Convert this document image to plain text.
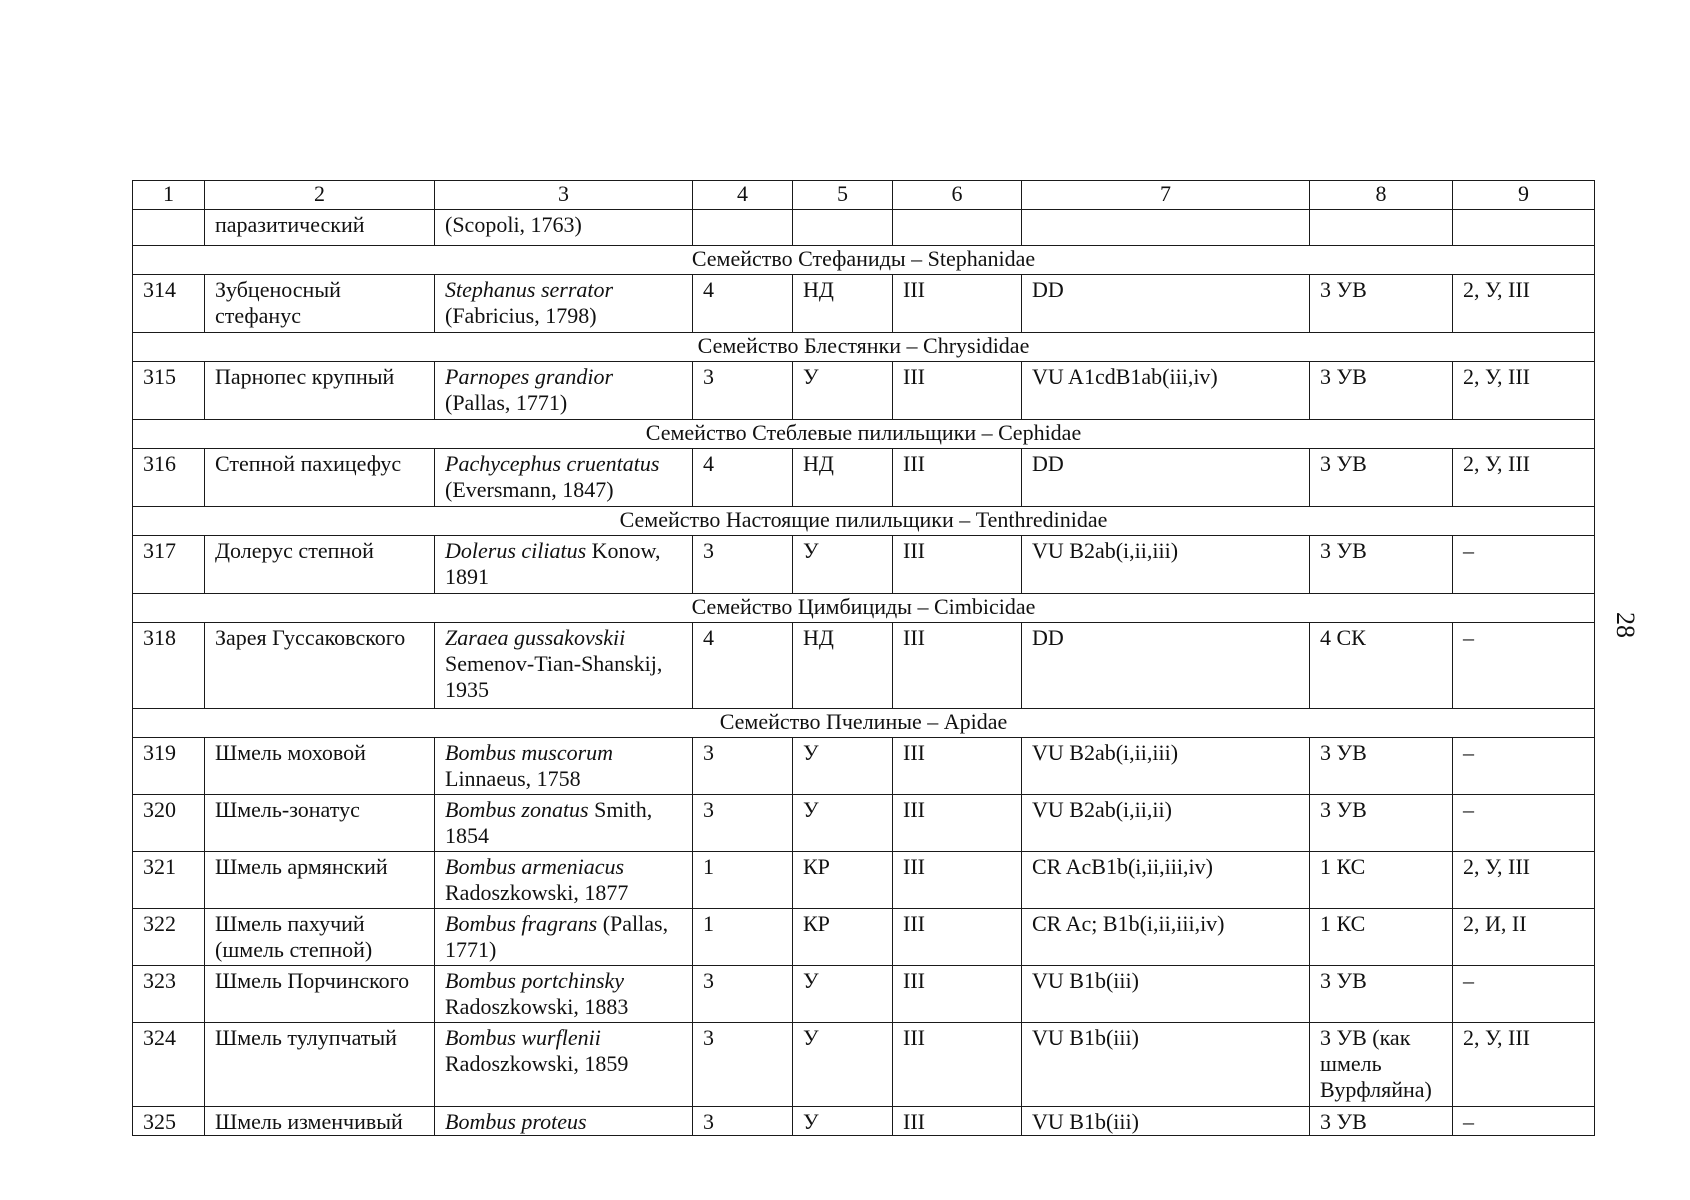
1	2	3	4	5	6	7	8	9
	паразитический	(Scopoli, 1763)						
Семейство Стефаниды – Stephanidae								
314	Зубценосный стефанус	Stephanus serrator (Fabricius, 1798)	4	НД	III	DD	3 УВ	2, У, III
Семейство Блестянки – Chrysididae								
315	Парнопес крупный	Parnopes grandior (Pallas, 1771)	3	У	III	VU A1cdB1ab(iii,iv)	3 УВ	2, У, III
Семейство Стеблевые пилильщики – Cephidae								
316	Степной пахицефус	Pachycephus cruentatus (Eversmann, 1847)	4	НД	III	DD	3 УВ	2, У, III
Семейство Настоящие пилильщики – Tenthredinidae								
317	Долерус степной	Dolerus ciliatus Konow, 1891	3	У	III	VU B2ab(i,ii,iii)	3 УВ	–
Семейство Цимбициды – Cimbicidae								
318	Зарея Гуссаковского	Zaraea gussakovskii Semenov-Tian-Shanskij, 1935	4	НД	III	DD	4 СК	–
Семейство Пчелиные – Apidae								
319	Шмель моховой	Bombus muscorum Linnaeus, 1758	3	У	III	VU B2ab(i,ii,iii)	3 УВ	–
320	Шмель-зонатус	Bombus zonatus Smith, 1854	3	У	III	VU B2ab(i,ii,ii)	3 УВ	–
321	Шмель армянский	Bombus armeniacus Radoszkowski, 1877	1	КР	III	CR AcB1b(i,ii,iii,iv)	1 КС	2, У, III
322	Шмель пахучий (шмель степной)	Bombus fragrans (Pallas, 1771)	1	КР	III	CR Ac; B1b(i,ii,iii,iv)	1 КС	2, И, II
323	Шмель Порчинского	Bombus portchinsky Radoszkowski, 1883	3	У	III	VU B1b(iii)	3 УВ	–
324	Шмель тулупчатый	Bombus wurflenii Radoszkowski, 1859	3	У	III	VU B1b(iii)	3 УВ (как шмель Вурфляйна)	2, У, III
325	Шмель изменчивый	Bombus proteus	3	У	III	VU B1b(iii)	3 УВ	–
28
